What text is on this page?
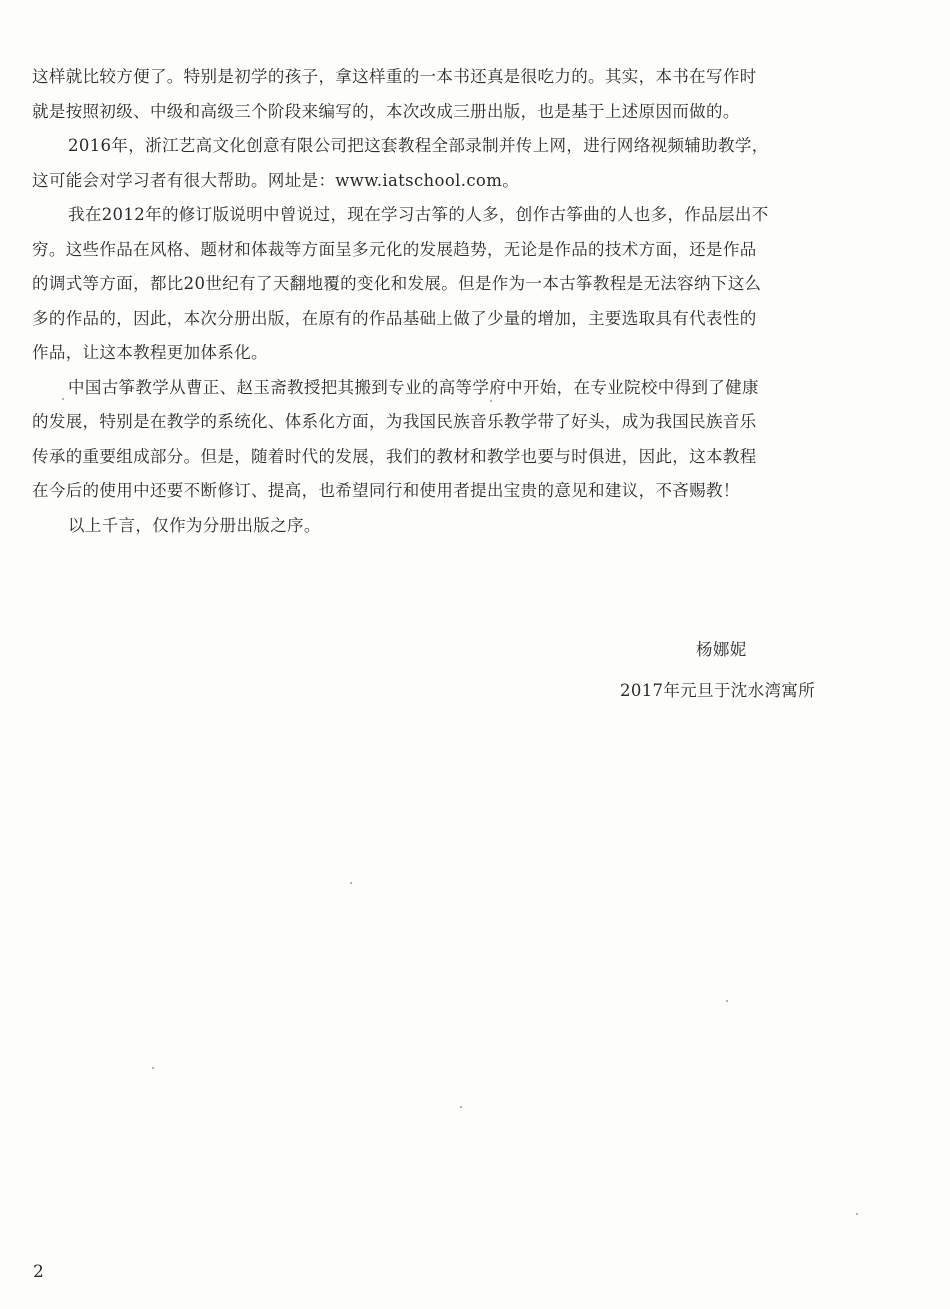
这样就比较方便了。特别是初学的孩子，拿这样重的一本书还真是很吃力的。其实，本书在写作时
就是按照初级、中级和高级三个阶段来编写的，本次改成三册出版，也是基于上述原因而做的。
2016年，浙江艺高文化创意有限公司把这套教程全部录制并传上网，进行网络视频辅助教学，
这可能会对学习者有很大帮助。网址是：www.iatschool.com。
我在2012年的修订版说明中曾说过，现在学习古筝的人多，创作古筝曲的人也多，作品层出不
穷。这些作品在风格、题材和体裁等方面呈多元化的发展趋势，无论是作品的技术方面，还是作品
的调式等方面，都比20世纪有了天翻地覆的变化和发展。但是作为一本古筝教程是无法容纳下这么
多的作品的，因此，本次分册出版，在原有的作品基础上做了少量的增加，主要选取具有代表性的
作品，让这本教程更加体系化。
中国古筝教学从曹正、赵玉斋教授把其搬到专业的高等学府中开始，在专业院校中得到了健康
的发展，特别是在教学的系统化、体系化方面，为我国民族音乐教学带了好头，成为我国民族音乐
传承的重要组成部分。但是，随着时代的发展，我们的教材和教学也要与时俱进，因此，这本教程
在今后的使用中还要不断修订、提高，也希望同行和使用者提出宝贵的意见和建议，不吝赐教！
以上千言，仅作为分册出版之序。
杨娜妮
2017年元旦于沈水湾寓所
2
